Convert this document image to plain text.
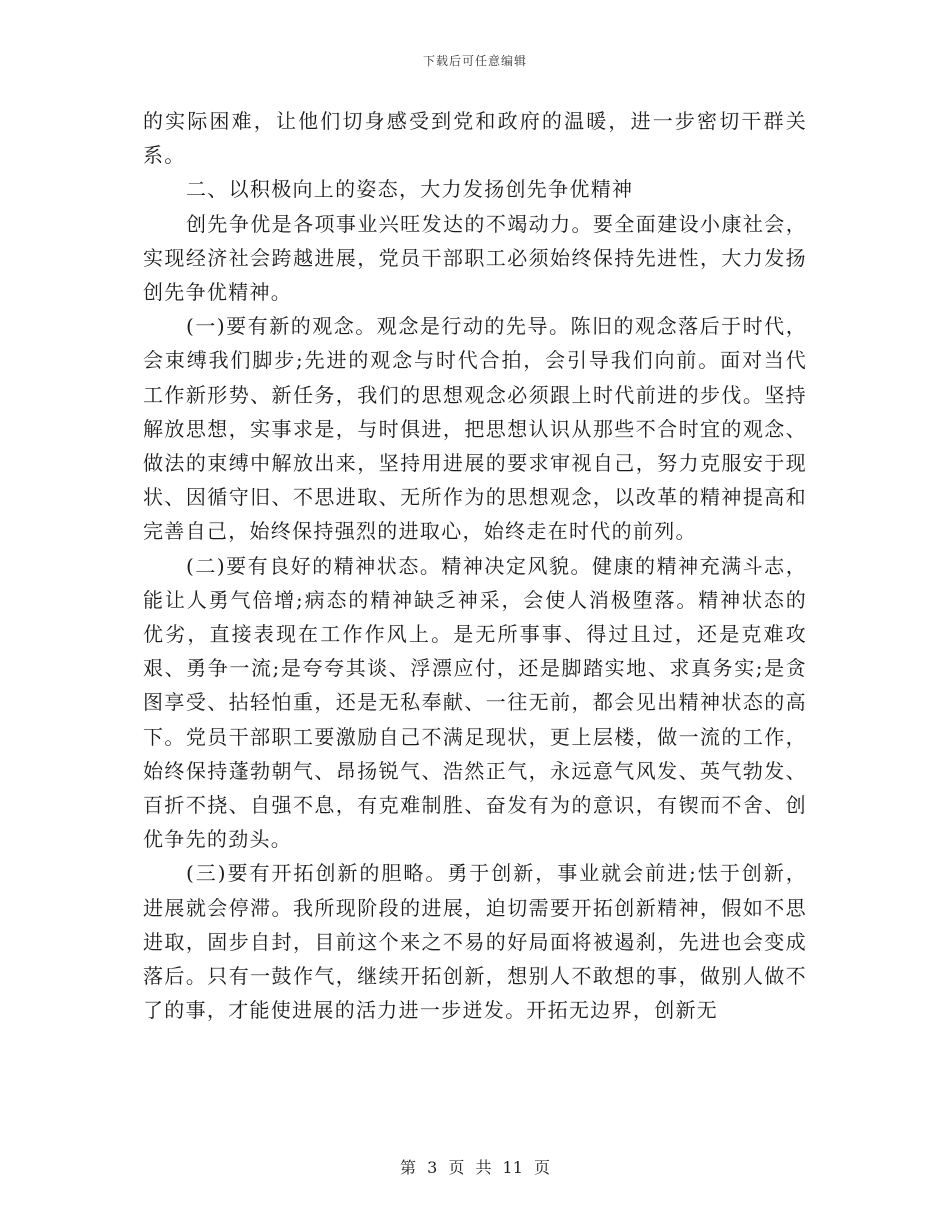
下载后可任意编辑

的实际困难，让他们切身感受到党和政府的温暖，进一步密切干群关系。

二、以积极向上的姿态，大力发扬创先争优精神

创先争优是各项事业兴旺发达的不竭动力。要全面建设小康社会，实现经济社会跨越进展，党员干部职工必须始终保持先进性，大力发扬创先争优精神。

(一)要有新的观念。观念是行动的先导。陈旧的观念落后于时代，会束缚我们脚步;先进的观念与时代合拍，会引导我们向前。面对当代工作新形势、新任务，我们的思想观念必须跟上时代前进的步伐。坚持解放思想，实事求是，与时俱进，把思想认识从那些不合时宜的观念、做法的束缚中解放出来，坚持用进展的要求审视自己，努力克服安于现状、因循守旧、不思进取、无所作为的思想观念，以改革的精神提高和完善自己，始终保持强烈的进取心，始终走在时代的前列。

(二)要有良好的精神状态。精神决定风貌。健康的精神充满斗志，能让人勇气倍增;病态的精神缺乏神采，会使人消极堕落。精神状态的优劣，直接表现在工作作风上。是无所事事、得过且过，还是克难攻艰、勇争一流;是夸夸其谈、浮漂应付，还是脚踏实地、求真务实;是贪图享受、拈轻怕重，还是无私奉献、一往无前，都会见出精神状态的高下。党员干部职工要激励自己不满足现状，更上层楼，做一流的工作，始终保持蓬勃朝气、昂扬锐气、浩然正气，永远意气风发、英气勃发、百折不挠、自强不息，有克难制胜、奋发有为的意识，有锲而不舍、创优争先的劲头。

(三)要有开拓创新的胆略。勇于创新，事业就会前进;怯于创新，进展就会停滞。我所现阶段的进展，迫切需要开拓创新精神，假如不思进取，固步自封，目前这个来之不易的好局面将被遏刹，先进也会变成落后。只有一鼓作气，继续开拓创新，想别人不敢想的事，做别人做不了的事，才能使进展的活力进一步迸发。开拓无边界，创新无

第 3 页 共 11 页
